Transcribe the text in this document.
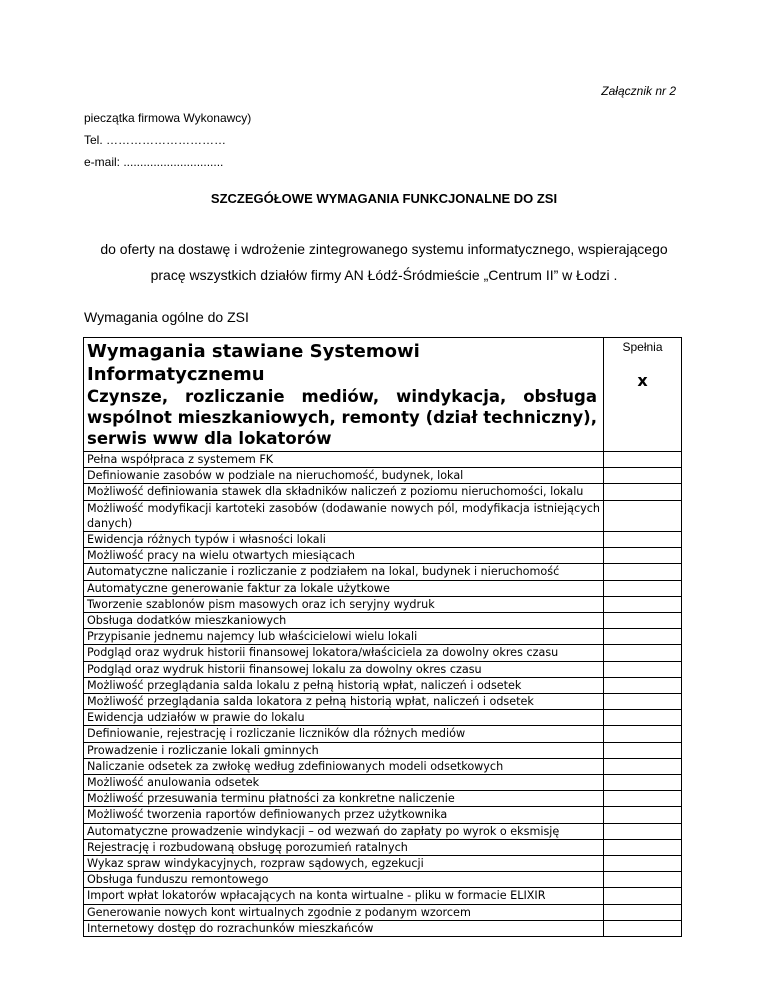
Załącznik nr 2
pieczątka firmowa Wykonawcy)
Tel. …………………………
e-mail: ..............................
SZCZEGÓŁOWE WYMAGANIA FUNKCJONALNE DO ZSI
do oferty na dostawę i wdrożenie zintegrowanego systemu informatycznego, wspierającego
pracę wszystkich działów firmy AN Łódź-Śródmieście „Centrum II” w Łodzi .
Wymagania ogólne do ZSI
Wymagania stawiane Systemowi Informatycznemu
Czynsze, rozliczanie mediów, windykacja, obsługa wspólnot mieszkaniowych, remonty (dział techniczny), serwis www dla lokatorów	Spełnia
x

Pełna współpraca z systemem FK	
Definiowanie zasobów w podziale na nieruchomość, budynek, lokal	
Możliwość definiowania stawek dla składników naliczeń z poziomu nieruchomości, lokalu	
Możliwość modyfikacji kartoteki zasobów (dodawanie nowych pól, modyfikacja istniejących danych)	
Ewidencja różnych typów i własności lokali	
Możliwość pracy na wielu otwartych miesiącach	
Automatyczne naliczanie i rozliczanie z podziałem na lokal, budynek i nieruchomość	
Automatyczne generowanie faktur za lokale użytkowe	
Tworzenie szablonów pism masowych oraz ich seryjny wydruk	
Obsługa dodatków mieszkaniowych	
Przypisanie jednemu najemcy lub właścicielowi wielu lokali	
Podgląd oraz wydruk historii finansowej lokatora/właściciela za dowolny okres czasu	
Podgląd oraz wydruk historii finansowej lokalu za dowolny okres czasu	
Możliwość przeglądania salda lokalu z pełną historią wpłat, naliczeń i odsetek	
Możliwość przeglądania salda lokatora z pełną historią wpłat, naliczeń i odsetek	
Ewidencja udziałów w prawie do lokalu	
Definiowanie, rejestrację i rozliczanie liczników dla różnych mediów	
Prowadzenie i rozliczanie lokali gminnych	
Naliczanie odsetek za zwłokę według zdefiniowanych modeli odsetkowych	
Możliwość anulowania odsetek	
Możliwość przesuwania terminu płatności za konkretne naliczenie	
Możliwość tworzenia raportów definiowanych przez użytkownika	
Automatyczne prowadzenie windykacji – od wezwań do zapłaty po wyrok o eksmisję	
Rejestrację i rozbudowaną obsługę porozumień ratalnych	
Wykaz spraw windykacyjnych, rozpraw sądowych, egzekucji	
Obsługa funduszu remontowego	
Import wpłat lokatorów wpłacających na konta wirtualne - pliku w formacie ELIXIR	
Generowanie nowych kont wirtualnych zgodnie z podanym wzorcem	
Internetowy dostęp do rozrachunków mieszkańców	
